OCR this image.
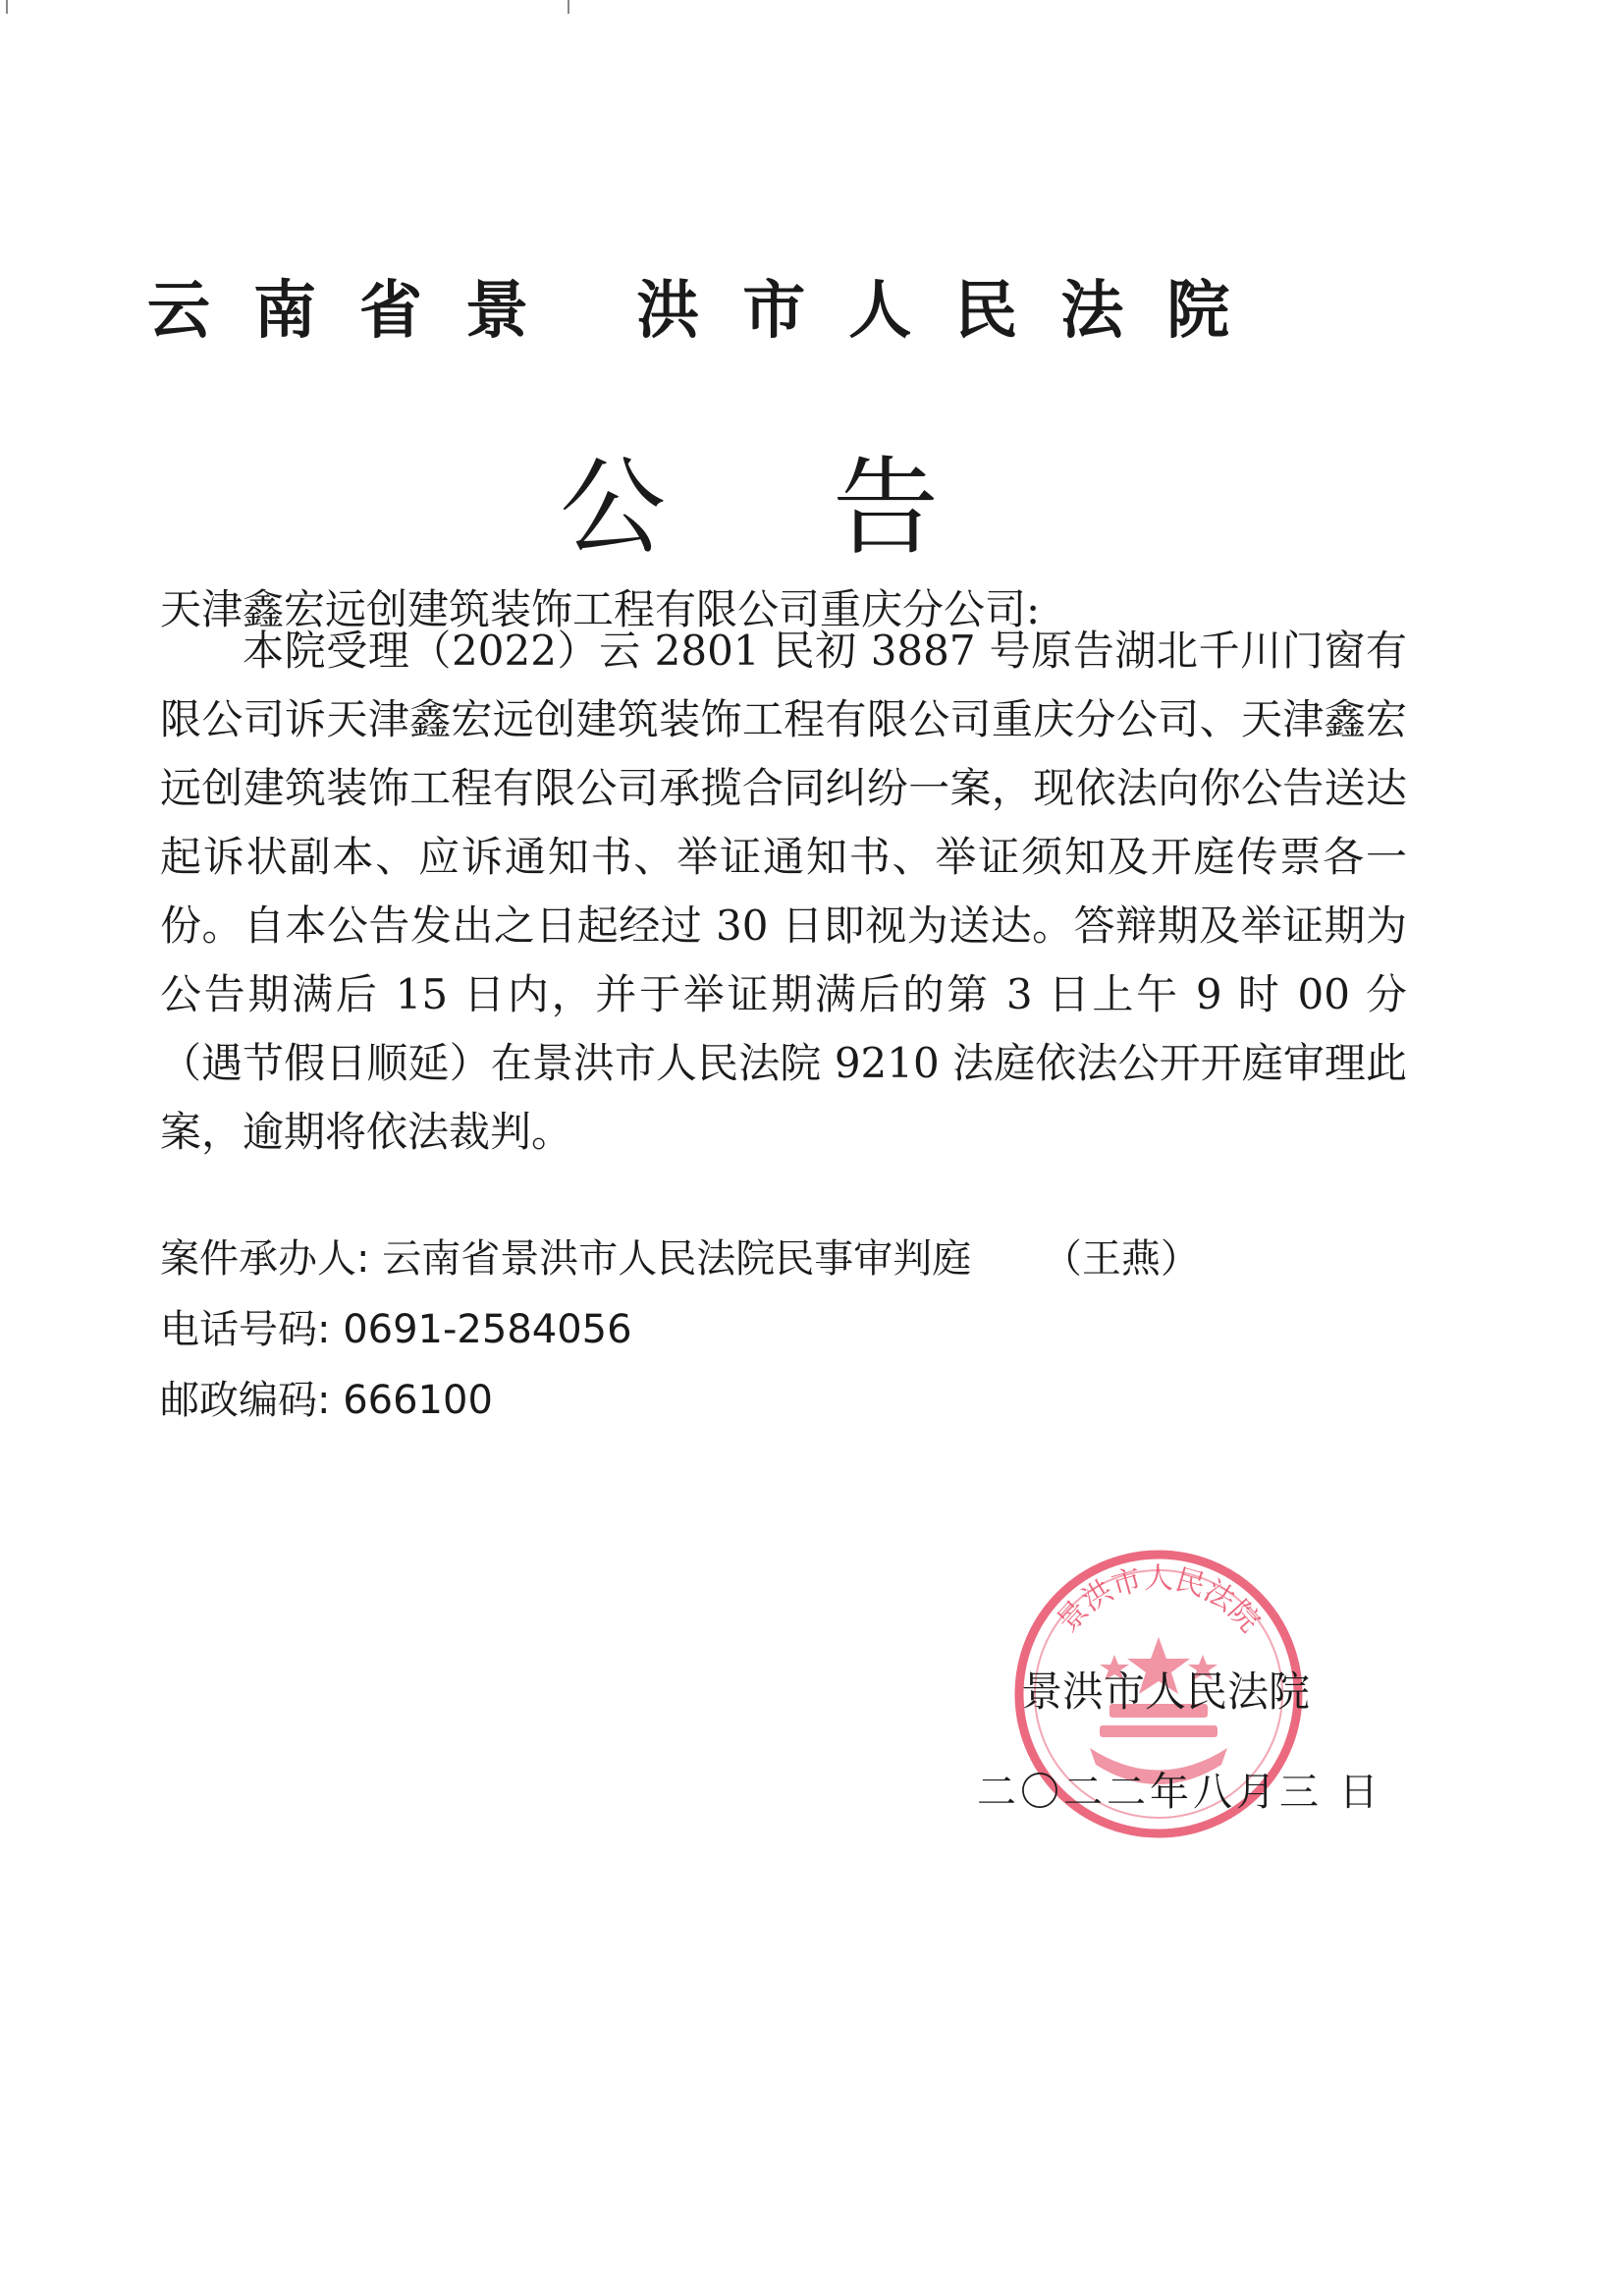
云南省景 洪市人民法院
公告
天津鑫宏远创建筑装饰工程有限公司重庆分公司:

本院受理（2022）云 2801 民初 3887 号原告湖北千川门窗有限公司诉天津鑫宏远创建筑装饰工程有限公司重庆分公司、天津鑫宏远创建筑装饰工程有限公司承揽合同纠纷一案，现依法向你公告送达起诉状副本、应诉通知书、举证通知书、举证须知及开庭传票各一份。自本公告发出之日起经过 30 日即视为送达。答辩期及举证期为公告期满后 15 日内，并于举证期满后的第 3 日上午 9 时 00 分（遇节假日顺延）在景洪市人民法院 9210 法庭依法公开开庭审理此案，逾期将依法裁判。

案件承办人: 云南省景洪市人民法院民事审判庭 （王燕）
电话号码: 0691-2584056
邮政编码: 666100
景洪市人民法院
景洪市人民法院
二〇二二年八月三 日
